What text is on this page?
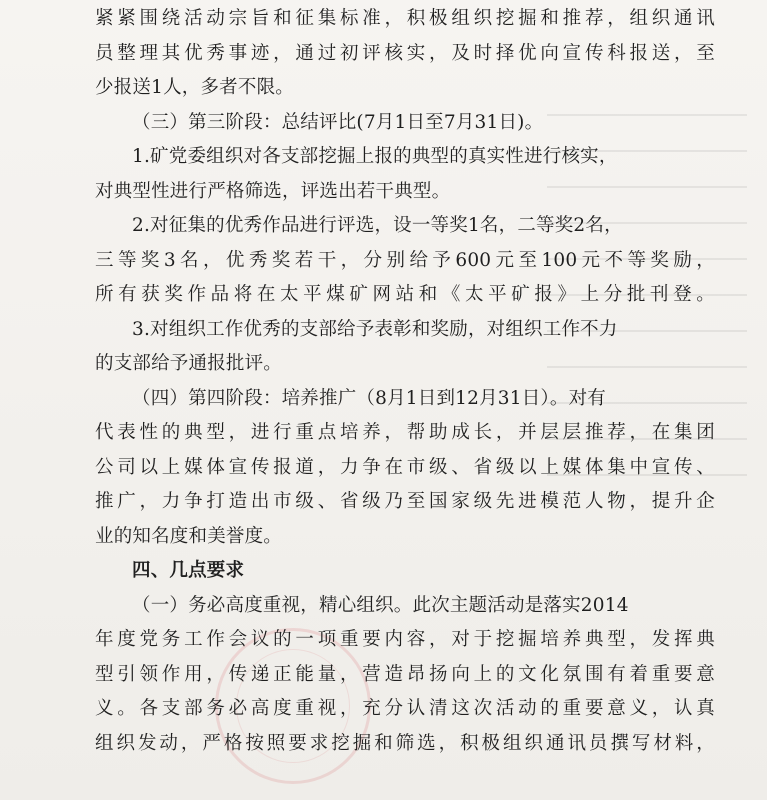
紧紧围绕活动宗旨和征集标准，积极组织挖掘和推荐，组织通讯
员整理其优秀事迹，通过初评核实，及时择优向宣传科报送，至
少报送1人，多者不限。
（三）第三阶段：总结评比(7月1日至7月31日)。
1.矿党委组织对各支部挖掘上报的典型的真实性进行核实，
对典型性进行严格筛选，评选出若干典型。
2.对征集的优秀作品进行评选，设一等奖1名，二等奖2名，
三等奖3名，优秀奖若干，分别给予600元至100元不等奖励，
所有获奖作品将在太平煤矿网站和《太平矿报》上分批刊登。
3.对组织工作优秀的支部给予表彰和奖励，对组织工作不力
的支部给予通报批评。
（四）第四阶段：培养推广（8月1日到12月31日）。对有
代表性的典型，进行重点培养，帮助成长，并层层推荐，在集团
公司以上媒体宣传报道，力争在市级、省级以上媒体集中宣传、
推广，力争打造出市级、省级乃至国家级先进模范人物，提升企
业的知名度和美誉度。
四、几点要求
（一）务必高度重视，精心组织。此次主题活动是落实2014
年度党务工作会议的一项重要内容，对于挖掘培养典型，发挥典
型引领作用，传递正能量，营造昂扬向上的文化氛围有着重要意
义。各支部务必高度重视，充分认清这次活动的重要意义，认真
组织发动，严格按照要求挖掘和筛选，积极组织通讯员撰写材料，
